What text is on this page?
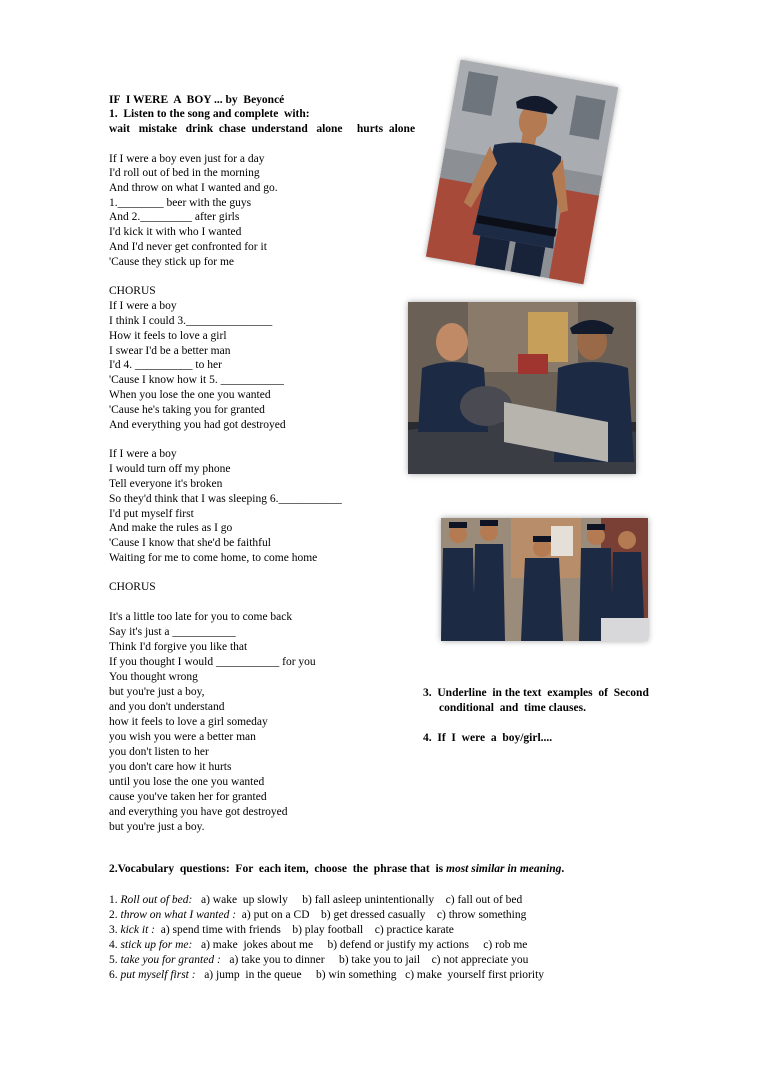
IF  I WERE  A  BOY ... by  Beyoncé
1.  Listen to the song and complete  with:
wait   mistake   drink  chase  understand   alone     hurts  alone
If I were a boy even just for a day
I'd roll out of bed in the morning
And throw on what I wanted and go.
1.________ beer with the guys
And 2._________ after girls
I'd kick it with who I wanted
And I'd never get confronted for it
'Cause they stick up for me
CHORUS
If I were a boy
I think I could 3._______________
How it feels to love a girl
I swear I'd be a better man
I'd 4. __________ to her
'Cause I know how it 5. ___________
When you lose the one you wanted
'Cause he's taking you for granted
And everything you had got destroyed
If I were a boy
I would turn off my phone
Tell everyone it's broken
So they'd think that I was sleeping 6.___________
I'd put myself first
And make the rules as I go
'Cause I know that she'd be faithful
Waiting for me to come home, to come home
CHORUS
It's a little too late for you to come back
Say it's just a ___________
Think I'd forgive you like that
If you thought I would ___________ for you
You thought wrong
but you're just a boy,
and you don't understand
how it feels to love a girl someday
you wish you were a better man
you don't listen to her
you don't care how it hurts
until you lose the one you wanted
cause you've taken her for granted
and everything you have got destroyed
but you're just a boy.
3.  Underline  in the text  examples  of  Second
conditional  and  time clauses.
4.  If  I  were  a  boy/girl....
2.Vocabulary  questions:  For  each item,  choose  the  phrase that  is most similar in meaning.
1. Roll out of bed:   a) wake  up slowly     b) fall asleep unintentionally    c) fall out of bed
2. throw on what I wanted :  a) put on a CD    b) get dressed casually    c) throw something
3. kick it :  a) spend time with friends    b) play football    c) practice karate
4. stick up for me:   a) make  jokes about me     b) defend or justify my actions     c) rob me
5. take you for granted :   a) take you to dinner     b) take you to jail    c) not appreciate you
6. put myself first :   a) jump  in the queue     b) win something   c) make  yourself first priority
